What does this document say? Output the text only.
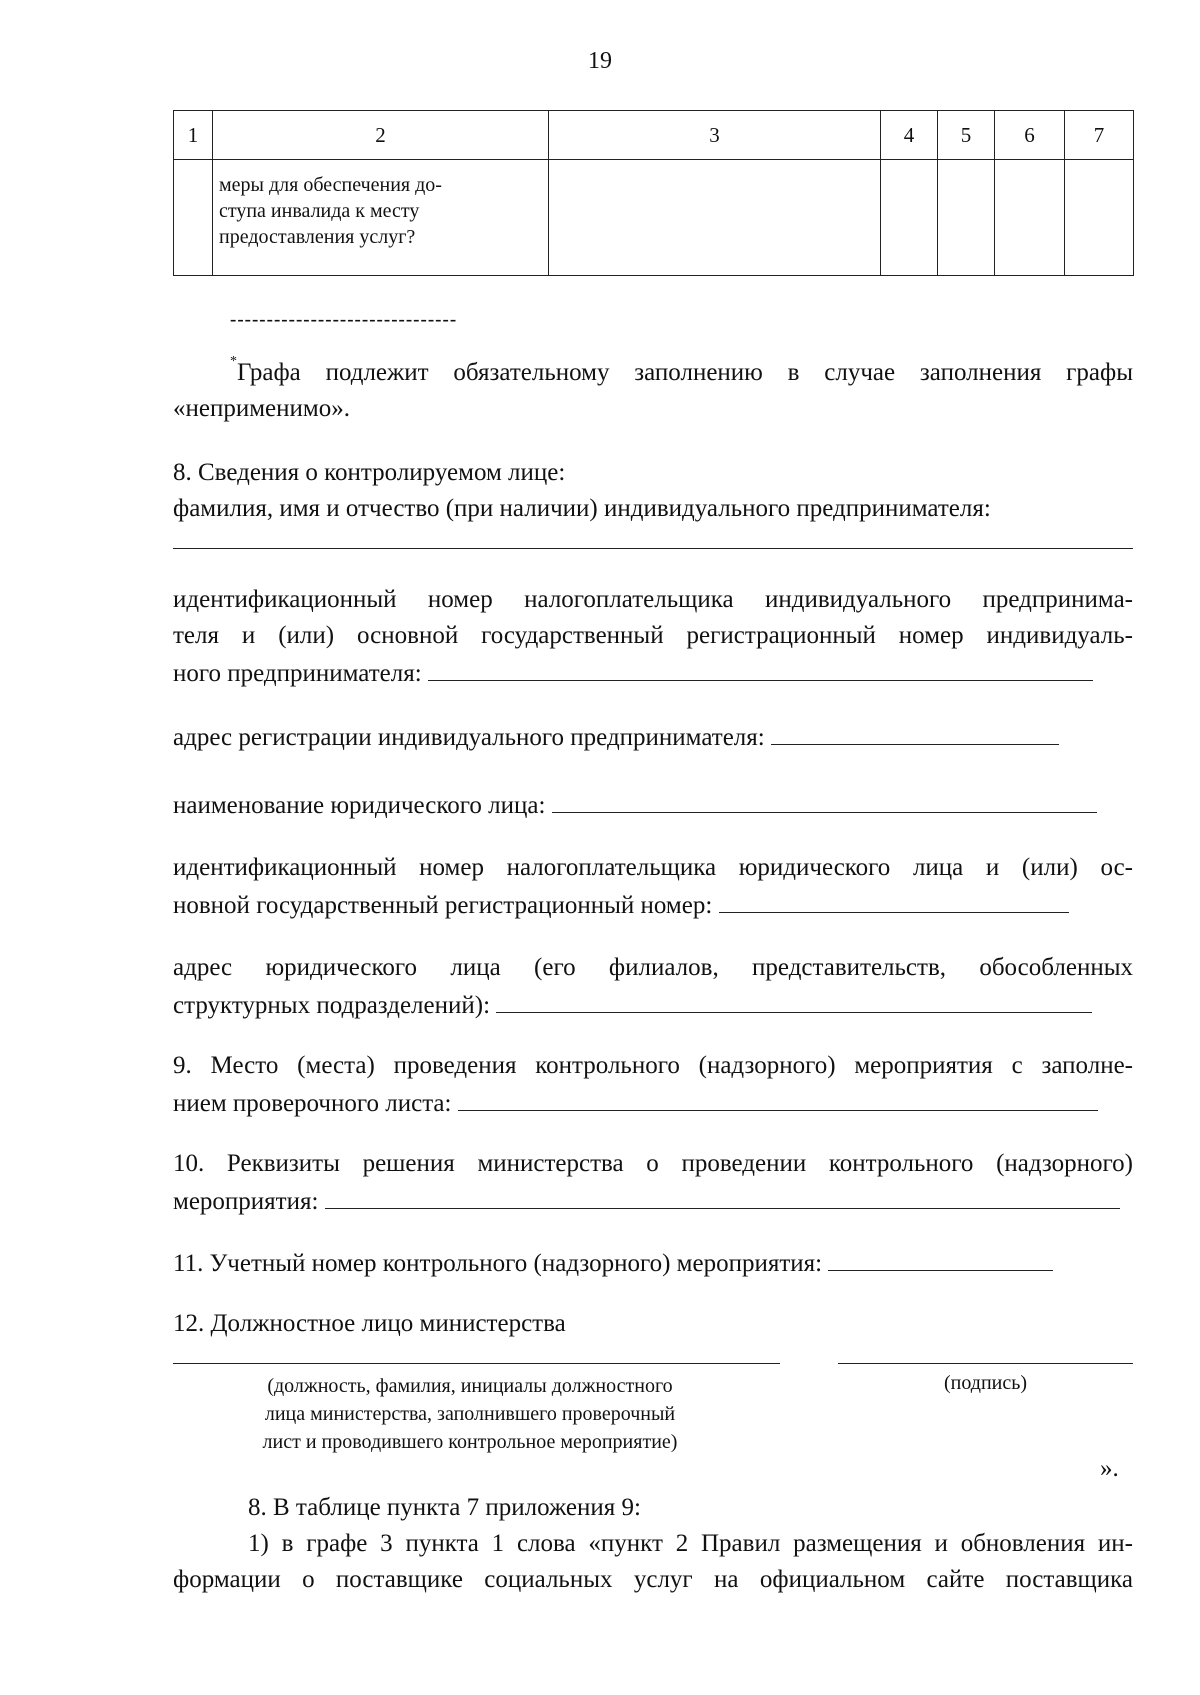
19
1	2	3	4	5	6	7

	меры для обеспечения до-
ступа инвалида к месту
предоставления услуг?					

-------------------------------
*Графа подлежит обязательному заполнению в случае заполнения графы
«неприменимо».
8. Сведения о контролируемом лице:
фамилия, имя и отчество (при наличии) индивидуального предпринимателя:
идентификационный номер налогоплательщика индивидуального предпринима-
теля и (или) основной государственный регистрационный номер индивидуаль-
ного предпринимателя:
адрес регистрации индивидуального предпринимателя:
наименование юридического лица:
идентификационный номер налогоплательщика юридического лица и (или) ос-
новной государственный регистрационный номер:
адрес юридического лица (его филиалов, представительств, обособленных
структурных подразделений):
9. Место (места) проведения контрольного (надзорного) мероприятия с заполне-
нием проверочного листа:
10. Реквизиты решения министерства о проведении контрольного (надзорного)
мероприятия:
11. Учетный номер контрольного (надзорного) мероприятия:
12. Должностное лицо министерства
(должность, фамилия, инициалы должностного
лица министерства, заполнившего проверочный
лист и проводившего контрольное мероприятие)
(подпись)
».
8. В таблице пункта 7 приложения 9:
1) в графе 3 пункта 1 слова «пункт 2 Правил размещения и обновления ин-
формации о поставщике социальных услуг на официальном сайте поставщика
